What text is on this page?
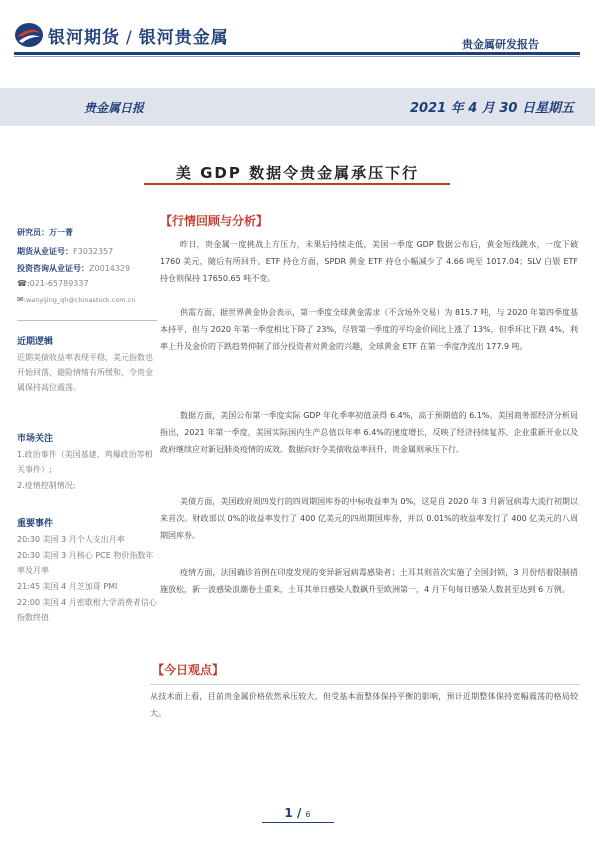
银河期货 / 银河贵金属	贵金属研发报告
贵金属日报	2021 年 4 月 30 日星期五
美 GDP 数据令贵金属承压下行
研究员：万一菁
期货从业证号：F3032357
投资咨询从业证号：Z0014329
☎:021-65789337
✉:wanyijing_qh@chinastock.com.cn
近期逻辑
近期美债收益率表现平稳，美元指数也开始回落，避险情绪有所缓和，令贵金属保持高位震荡。
市场关注
1.政治事件（美国基建、鸡爆政治等相关事件）;
2.疫情控制情况;
重要事件
20:30 美国 3 月个人支出月率
20:30 美国 3 月核心 PCE 物价指数年率及月率
21:45 美国 4 月芝加哥 PMI
22:00 美国 4 月密歇根大学消费者信心指数终值
【行情回顾与分析】

昨日，贵金属一度挑战上方压力，未果后持续走低，美国一季度 GDP 数据公布后，黄金短线跳水，一度下破 1760 美元，随后有所回升。ETF 持仓方面，SPDR 黄金 ETF 持仓小幅减少了 4.66 吨至 1017.04；SLV 白银 ETF 持仓则保持 17650.65 吨不变。

供需方面，据世界黄金协会表示，第一季度全球黄金需求（不含场外交易）为 815.7 吨，与 2020 年第四季度基本持平，但与 2020 年第一季度相比下降了 23%，尽管第一季度的平均金价同比上涨了 13%，但季环比下跌 4%，利率上升及金价的下跌趋势抑制了部分投资者对黄金的兴趣，全球黄金 ETF 在第一季度净流出 177.9 吨。

数据方面，美国公布第一季度实际 GDP 年化季率初值录得 6.4%，高于预期值的 6.1%。美国商务部经济分析局指出，2021 年第一季度，美国实际国内生产总值以年率 6.4%的速度增长，反映了经济持续复苏、企业重新开业以及政府继续应对新冠肺炎疫情的成效。数据向好令美债收益率回升，贵金属则承压下行。

美债方面，美国政府周四发行的四周期国库券的中标收益率为 0%，这是自 2020 年 3 月新冠病毒大流行初期以来首次。财政部以 0%的收益率发行了 400 亿美元的四周期国库券，并以 0.01%的收益率发行了 400 亿美元的八周期国库券。

疫情方面，法国确诊首例在印度发现的变异新冠病毒感染者；土耳其则首次实施了全国封锁，3 月份结着限制措施放松，新一波感染浪潮卷土重来，土耳其单日感染人数飙升至欧洲第一，4 月下旬每日感染人数甚至达到 6 万例。

【今日观点】

从技术面上看，目前贵金属价格依然承压较大，但受基本面整体保持平衡的影响，预计近期整体保持宽幅震荡的格局较大。

1 / 6
